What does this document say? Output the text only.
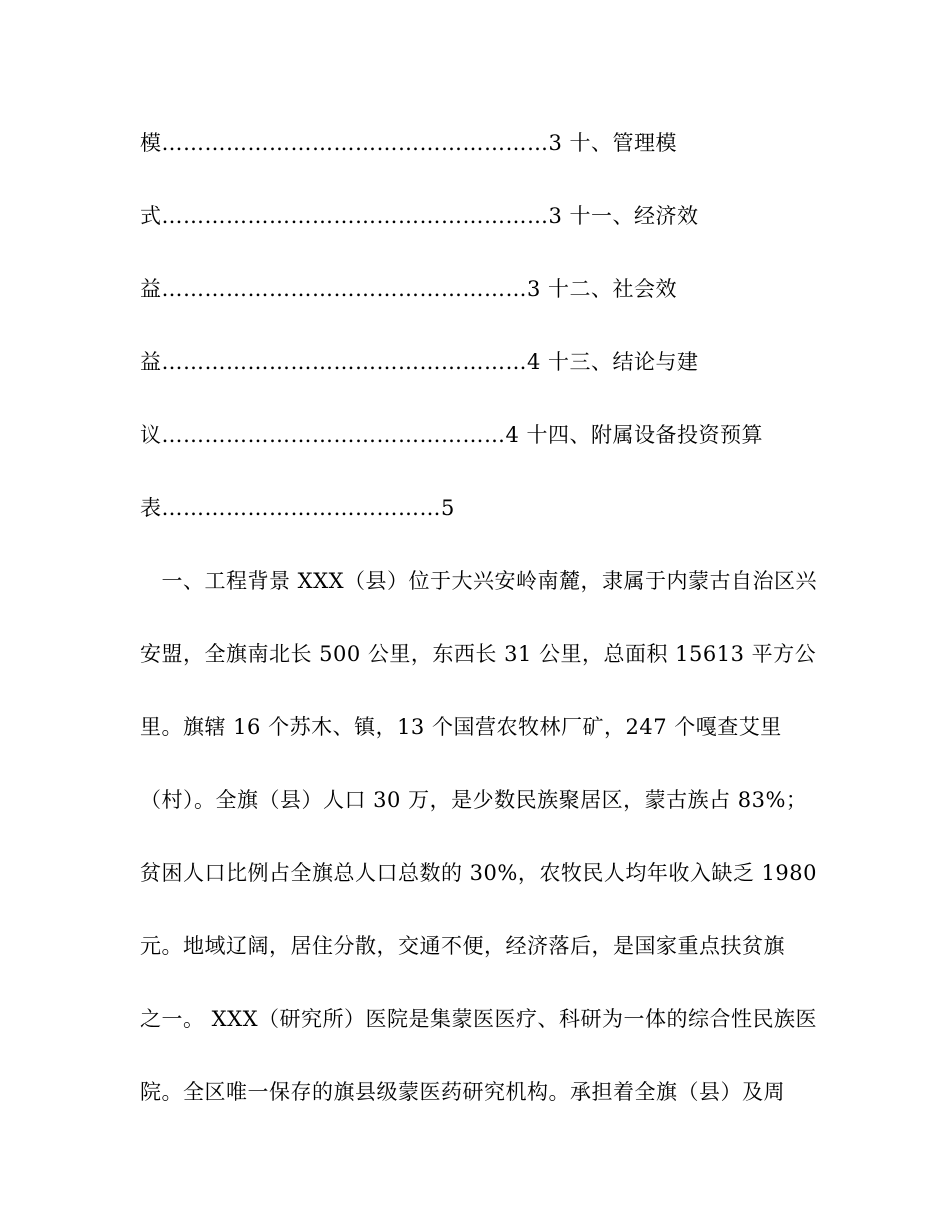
模………………………………………………3 十、管理模
式………………………………………………3 十一、经济效
益……………………………………………3 十二、社会效
益……………………………………………4 十三、结论与建
议…………………………………………4 十四、附属设备投资预算
表…………………………………5
　一、工程背景 XXX（县）位于大兴安岭南麓，隶属于内蒙古自治区兴
安盟，全旗南北长 500 公里，东西长 31 公里，总面积 15613 平方公
里。旗辖 16 个苏木、镇，13 个国营农牧林厂矿，247 个嘎查艾里
（村）。全旗（县）人口 30 万，是少数民族聚居区，蒙古族占 83%；
贫困人口比例占全旗总人口总数的 30%，农牧民人均年收入缺乏 1980
元。地域辽阔，居住分散，交通不便，经济落后，是国家重点扶贫旗
之一。 XXX（研究所）医院是集蒙医医疗、科研为一体的综合性民族医
院。全区唯一保存的旗县级蒙医药研究机构。承担着全旗（县）及周
